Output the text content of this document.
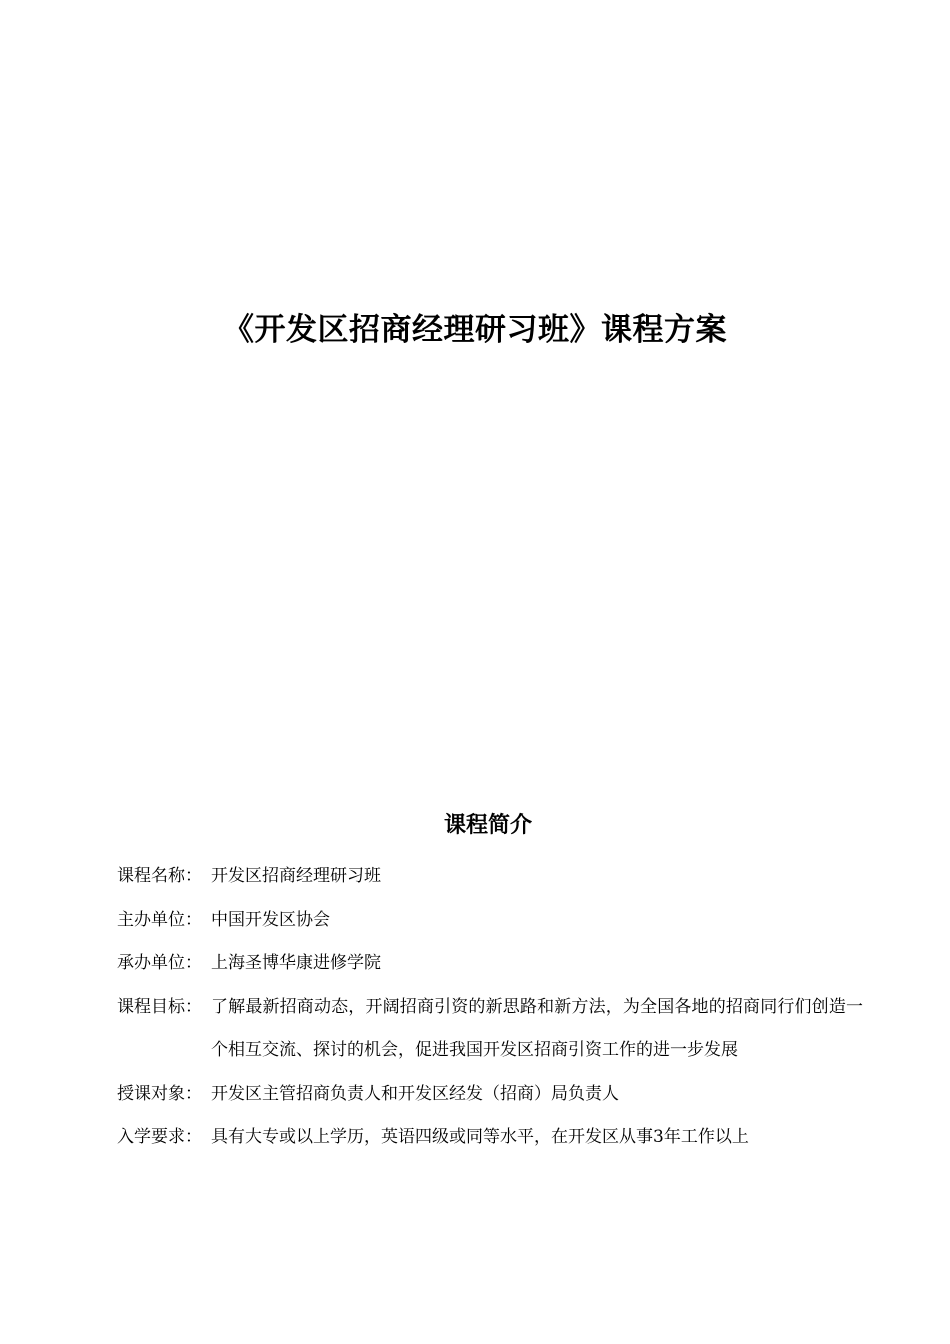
《开发区招商经理研习班》课程方案
课程简介
课程名称： 开发区招商经理研习班
主办单位： 中国开发区协会
承办单位： 上海圣博华康进修学院
课程目标： 了解最新招商动态，开阔招商引资的新思路和新方法，为全国各地的招商同行们创造一个相互交流、探讨的机会，促进我国开发区招商引资工作的进一步发展
授课对象： 开发区主管招商负责人和开发区经发（招商）局负责人
入学要求： 具有大专或以上学历，英语四级或同等水平，在开发区从事3年工作以上
